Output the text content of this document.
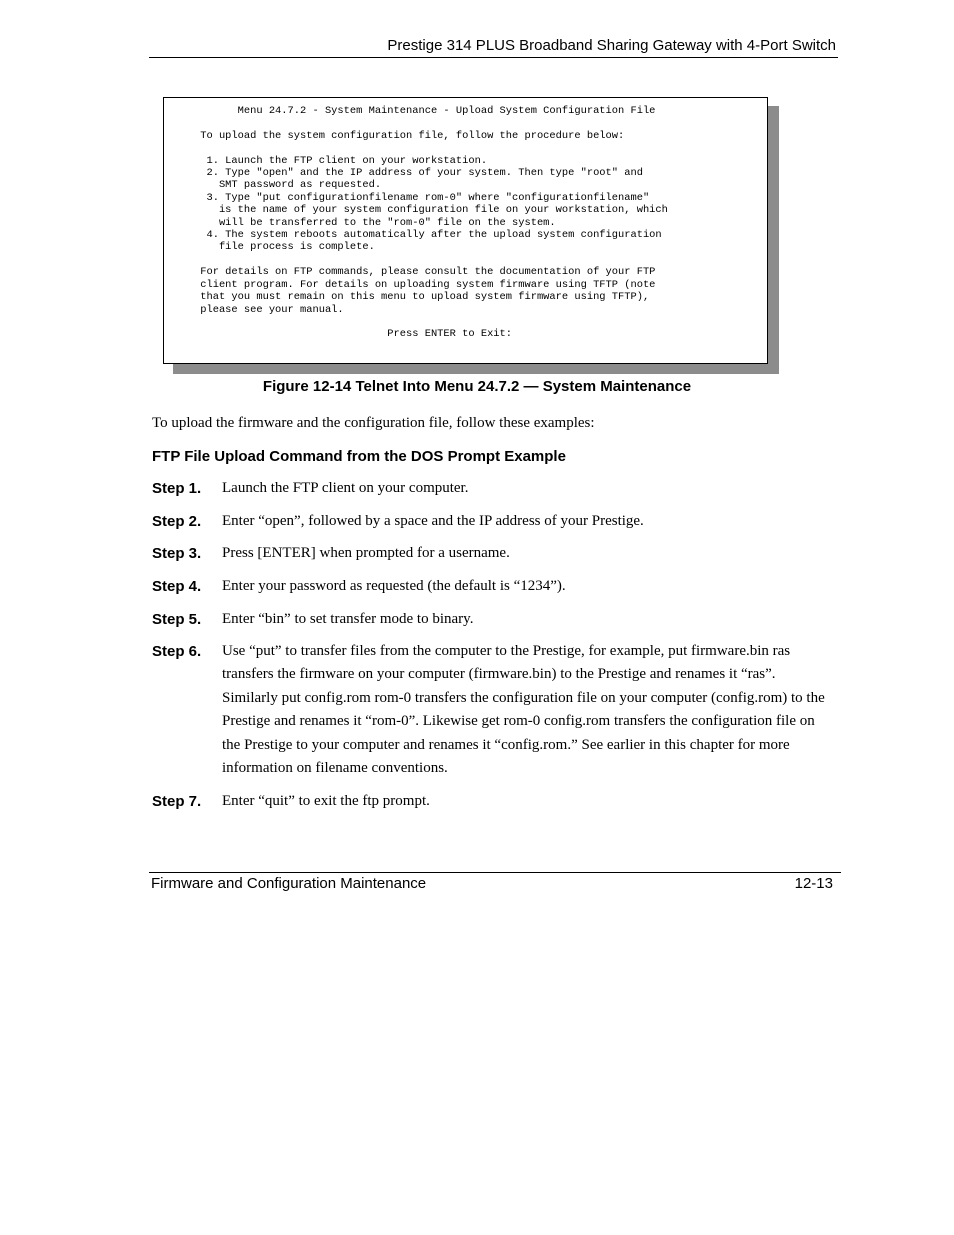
Prestige 314 PLUS Broadband Sharing Gateway with 4-Port Switch
Menu 24.7.2 - System Maintenance - Upload System Configuration File

To upload the system configuration file, follow the procedure below:

1. Launch the FTP client on your workstation.
2. Type "open" and the IP address of your system. Then type "root" and
SMT password as requested.
3. Type "put configurationfilename rom-0" where "configurationfilename"
is the name of your system configuration file on your workstation, which
will be transferred to the "rom-0" file on the system.
4. The system reboots automatically after the upload system configuration
file process is complete.

For details on FTP commands, please consult the documentation of your FTP
client program. For details on uploading system firmware using TFTP (note
that you must remain on this menu to upload system firmware using TFTP),
please see your manual.

Press ENTER to Exit:
Figure 12-14 Telnet Into Menu 24.7.2 — System Maintenance
To upload the firmware and the configuration file, follow these examples:
FTP File Upload Command from the DOS Prompt Example
Step 1. Launch the FTP client on your computer.
Step 2. Enter “open”, followed by a space and the IP address of your Prestige.
Step 3. Press [ENTER] when prompted for a username.
Step 4. Enter your password as requested (the default is “1234”).
Step 5. Enter “bin” to set transfer mode to binary.
Step 6. Use “put” to transfer files from the computer to the Prestige, for example, put firmware.bin ras transfers the firmware on your computer (firmware.bin) to the Prestige and renames it “ras”. Similarly put config.rom rom-0 transfers the configuration file on your computer (config.rom) to the Prestige and renames it “rom-0”. Likewise get rom-0 config.rom transfers the configuration file on the Prestige to your computer and renames it “config.rom.” See earlier in this chapter for more information on filename conventions.
Step 7. Enter “quit” to exit the ftp prompt.
Firmware and Configuration Maintenance	12-13
